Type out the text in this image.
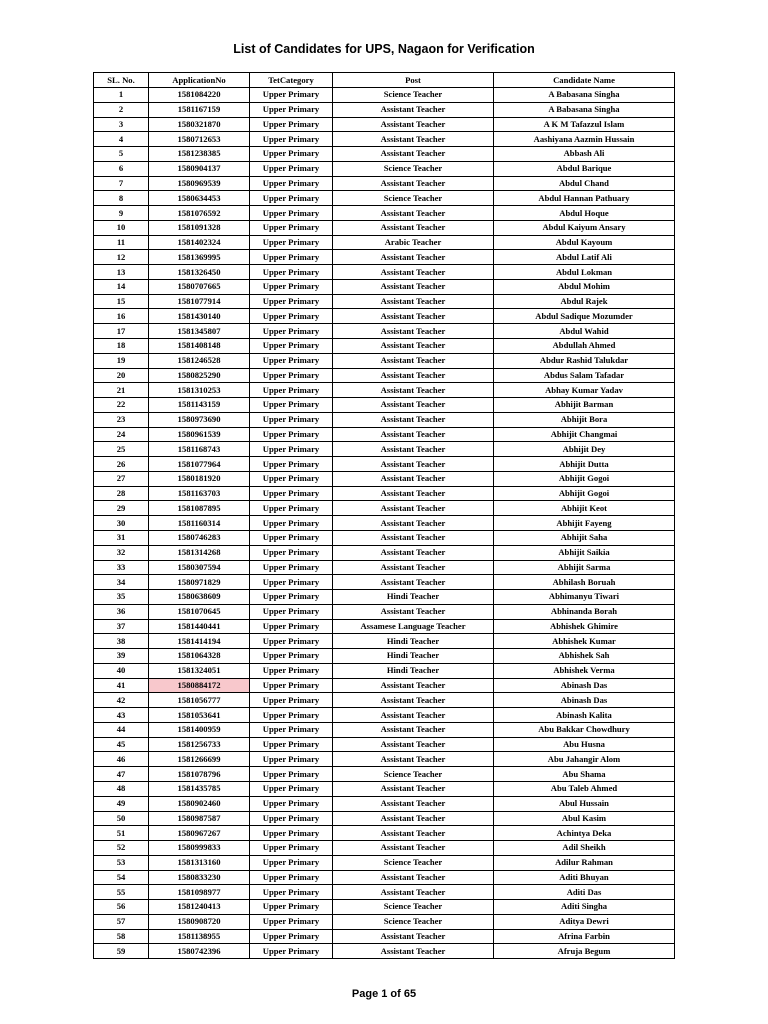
List of Candidates for UPS, Nagaon for Verification
SL. No.	ApplicationNo	TetCategory	Post	Candidate Name
1	1581084220	Upper Primary	Science Teacher	A Babasana Singha
2	1581167159	Upper Primary	Assistant Teacher	A Babasana Singha
3	1580321870	Upper Primary	Assistant Teacher	A K M Tafazzul Islam
4	1580712653	Upper Primary	Assistant Teacher	Aashiyana Aazmin Hussain
5	1581238385	Upper Primary	Assistant Teacher	Abbash Ali
6	1580904137	Upper Primary	Science Teacher	Abdul Barique
7	1580969539	Upper Primary	Assistant Teacher	Abdul Chand
8	1580634453	Upper Primary	Science Teacher	Abdul Hannan Pathuary
9	1581076592	Upper Primary	Assistant Teacher	Abdul Hoque
10	1581091328	Upper Primary	Assistant Teacher	Abdul Kaiyum Ansary
11	1581402324	Upper Primary	Arabic Teacher	Abdul Kayoum
12	1581369995	Upper Primary	Assistant Teacher	Abdul Latif Ali
13	1581326450	Upper Primary	Assistant Teacher	Abdul Lokman
14	1580707665	Upper Primary	Assistant Teacher	Abdul Mohim
15	1581077914	Upper Primary	Assistant Teacher	Abdul Rajek
16	1581430140	Upper Primary	Assistant Teacher	Abdul Sadique Mozumder
17	1581345807	Upper Primary	Assistant Teacher	Abdul Wahid
18	1581408148	Upper Primary	Assistant Teacher	Abdullah Ahmed
19	1581246528	Upper Primary	Assistant Teacher	Abdur Rashid Talukdar
20	1580825290	Upper Primary	Assistant Teacher	Abdus Salam Tafadar
21	1581310253	Upper Primary	Assistant Teacher	Abhay Kumar Yadav
22	1581143159	Upper Primary	Assistant Teacher	Abhijit Barman
23	1580973690	Upper Primary	Assistant Teacher	Abhijit Bora
24	1580961539	Upper Primary	Assistant Teacher	Abhijit Changmai
25	1581168743	Upper Primary	Assistant Teacher	Abhijit Dey
26	1581077964	Upper Primary	Assistant Teacher	Abhijit Dutta
27	1580181920	Upper Primary	Assistant Teacher	Abhijit Gogoi
28	1581163703	Upper Primary	Assistant Teacher	Abhijit Gogoi
29	1581087895	Upper Primary	Assistant Teacher	Abhijit Keot
30	1581160314	Upper Primary	Assistant Teacher	Abhijit Fayeng
31	1580746283	Upper Primary	Assistant Teacher	Abhijit Saha
32	1581314268	Upper Primary	Assistant Teacher	Abhijit Saikia
33	1580307594	Upper Primary	Assistant Teacher	Abhijit Sarma
34	1580971829	Upper Primary	Assistant Teacher	Abhilash Boruah
35	1580638609	Upper Primary	Hindi Teacher	Abhimanyu Tiwari
36	1581070645	Upper Primary	Assistant Teacher	Abhinanda Borah
37	1581440441	Upper Primary	Assamese Language Teacher	Abhishek Ghimire
38	1581414194	Upper Primary	Hindi Teacher	Abhishek Kumar
39	1581064328	Upper Primary	Hindi Teacher	Abhishek Sah
40	1581324051	Upper Primary	Hindi Teacher	Abhishek Verma
41	1580884172	Upper Primary	Assistant Teacher	Abinash Das
42	1581056777	Upper Primary	Assistant Teacher	Abinash Das
43	1581053641	Upper Primary	Assistant Teacher	Abinash Kalita
44	1581400959	Upper Primary	Assistant Teacher	Abu Bakkar Chowdhury
45	1581256733	Upper Primary	Assistant Teacher	Abu Husna
46	1581266699	Upper Primary	Assistant Teacher	Abu Jahangir Alom
47	1581078796	Upper Primary	Science Teacher	Abu Shama
48	1581435785	Upper Primary	Assistant Teacher	Abu Taleb Ahmed
49	1580902460	Upper Primary	Assistant Teacher	Abul Hussain
50	1580987587	Upper Primary	Assistant Teacher	Abul Kasim
51	1580967267	Upper Primary	Assistant Teacher	Achintya Deka
52	1580999833	Upper Primary	Assistant Teacher	Adil Sheikh
53	1581313160	Upper Primary	Science Teacher	Adilur Rahman
54	1580833230	Upper Primary	Assistant Teacher	Aditi Bhuyan
55	1581098977	Upper Primary	Assistant Teacher	Aditi Das
56	1581240413	Upper Primary	Science Teacher	Aditi Singha
57	1580908720	Upper Primary	Science Teacher	Aditya Dewri
58	1581138955	Upper Primary	Assistant Teacher	Afrina Farbin
59	1580742396	Upper Primary	Assistant Teacher	Afruja Begum
Page 1 of 65
